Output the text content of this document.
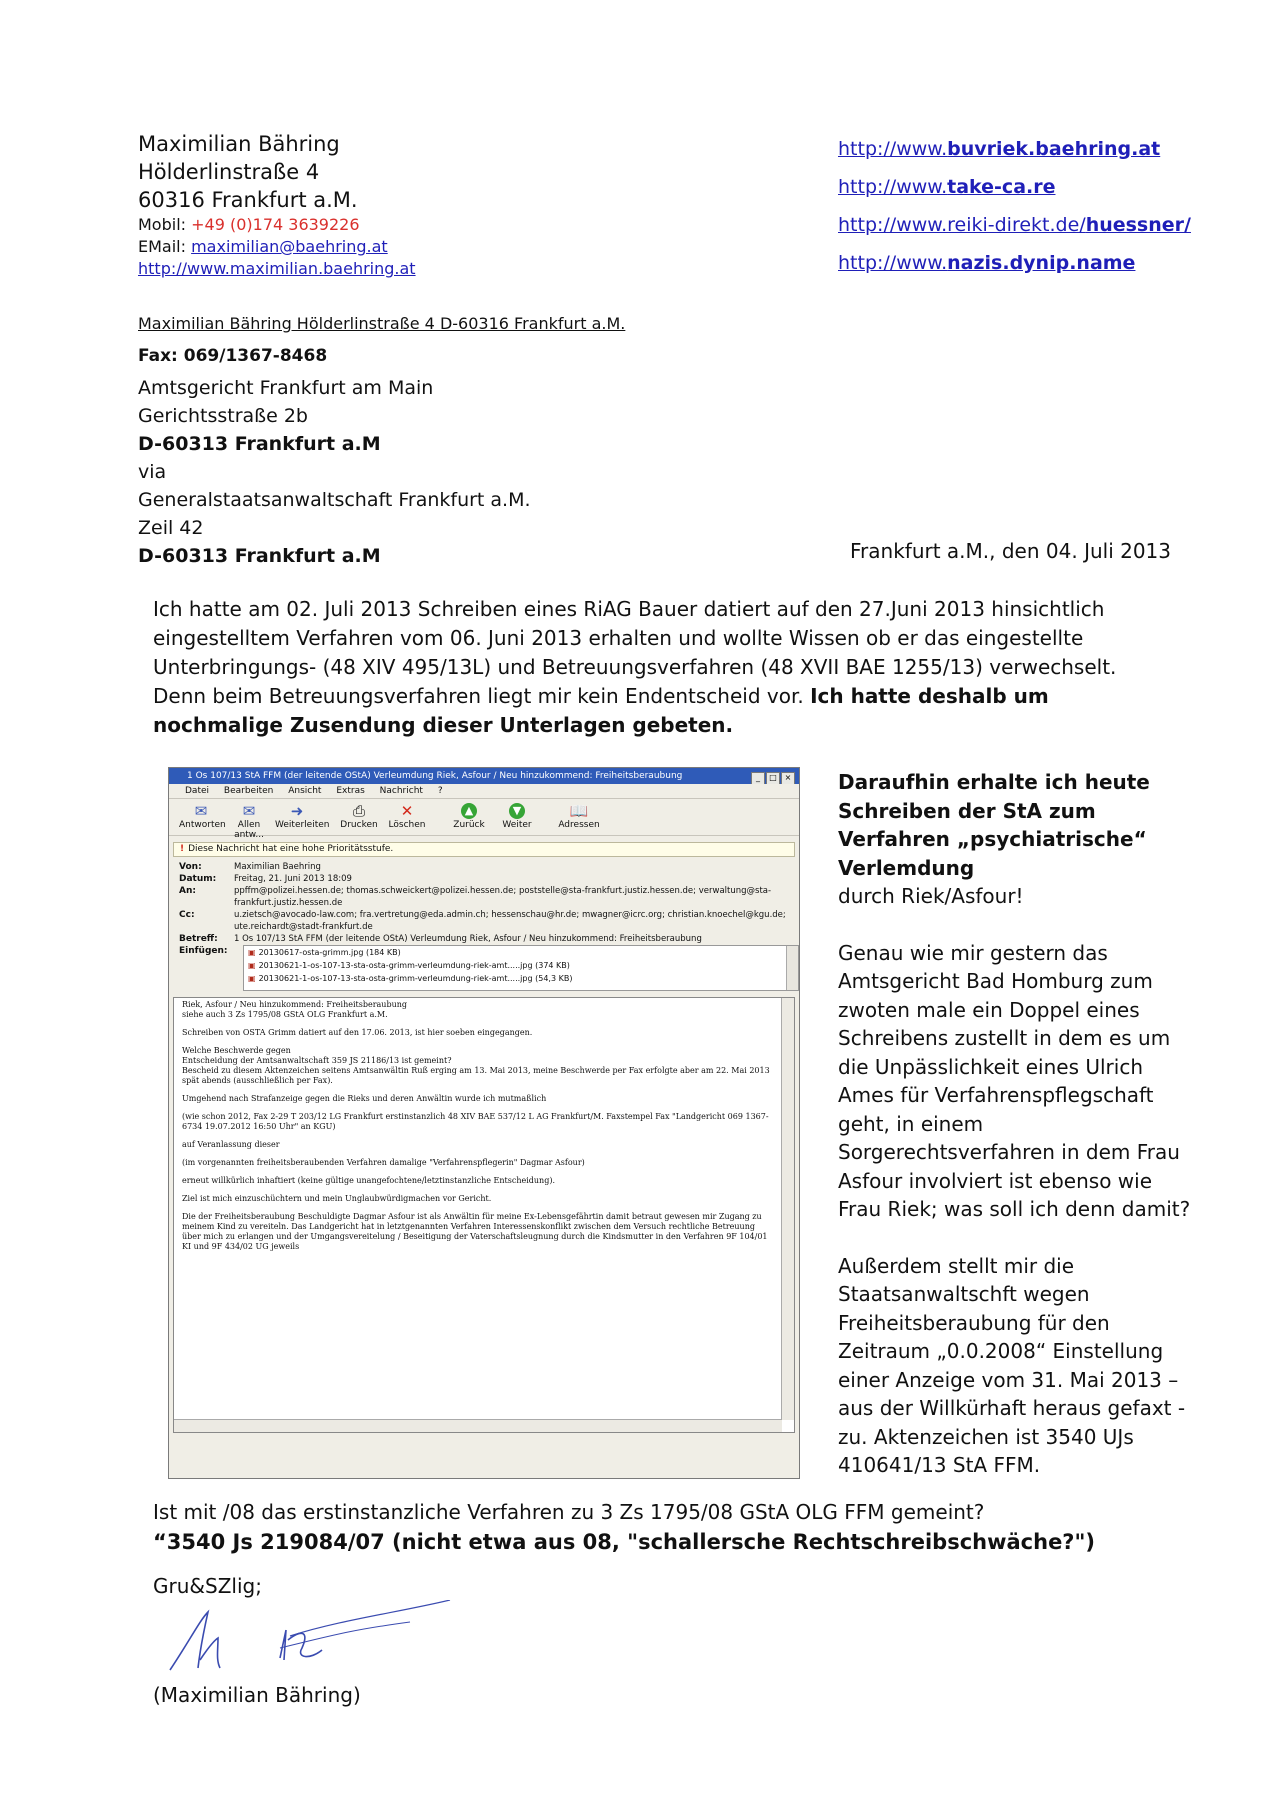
Maximilian Bähring
Hölderlinstraße 4
60316 Frankfurt a.M.
Mobil: +49 (0)174 3639226
EMail: maximilian@baehring.at
http://www.maximilian.baehring.at
http://www.buvriek.baehring.at
http://www.take-ca.re
http://www.reiki-direkt.de/huessner/
http://www.nazis.dynip.name
Maximilian Bähring Hölderlinstraße 4 D-60316 Frankfurt a.M.
Fax: 069/1367-8468
Amtsgericht Frankfurt am Main
Gerichtsstraße 2b
D-60313 Frankfurt a.M
via
Generalstaatsanwaltschaft Frankfurt a.M.
Zeil 42
D-60313 Frankfurt a.M	Frankfurt a.M., den 04. Juli 2013
Ich hatte am 02. Juli 2013 Schreiben eines RiAG Bauer datiert auf den 27.Juni 2013 hinsichtlich eingestelltem Verfahren vom 06. Juni 2013 erhalten und wollte Wissen ob er das eingestellte Unterbringungs- (48 XIV 495/13L) und Betreuungsverfahren (48 XVII BAE 1255/13) verwechselt. Denn beim Betreuungsverfahren liegt mir kein Endentscheid vor. Ich hatte deshalb um nochmalige Zusendung dieser Unterlagen gebeten.
1 Os 107/13 StA FFM (der leitende OStA) Verleumdung Riek, Asfour / Neu hinzukommend: Freiheitsberaubung	_ □ ×
Datei Bearbeiten Ansicht Extras Nachricht ?
✉
Antworten
✉
Allen antw...
➜
Weiterleiten
⎙
Drucken
✕
Löschen
▲
Zurück
▼
Weiter
📖
Adressen
! Diese Nachricht hat eine hohe Prioritätsstufe.
Von:	Maximilian Baehring
Datum:	Freitag, 21. Juni 2013 18:09
An:	ppffm@polizei.hessen.de; thomas.schweickert@polizei.hessen.de; poststelle@sta-frankfurt.justiz.hessen.de; verwaltung@sta-frankfurt.justiz.hessen.de
Cc:	u.zietsch@avocado-law.com; fra.vertretung@eda.admin.ch; hessenschau@hr.de; mwagner@icrc.org; christian.knoechel@kgu.de; ute.reichardt@stadt-frankfurt.de
Betreff:	1 Os 107/13 StA FFM (der leitende OStA) Verleumdung Riek, Asfour / Neu hinzukommend: Freiheitsberaubung
Einfügen:	▣ 20130617-osta-grimm.jpg (184 KB)
▣ 20130621-1-os-107-13-sta-osta-grimm-verleumdung-riek-amt.....jpg (374 KB)
▣ 20130621-1-os-107-13-sta-osta-grimm-verleumdung-riek-amt.....jpg (54,3 KB)

Riek, Asfour / Neu hinzukommend: Freiheitsberaubung
siehe auch 3 Zs 1795/08 GStA OLG Frankfurt a.M.

Schreiben von OSTA Grimm datiert auf den 17.06. 2013, ist hier soeben eingegangen.

Welche Beschwerde gegen
Entscheidung der Amtsanwaltschaft 359 JS 21186/13 ist gemeint?
Bescheid zu diesem Aktenzeichen seitens Amtsanwältin Ruß erging am 13. Mai 2013, meine Beschwerde per Fax erfolgte aber am 22. Mai 2013 spät abends (ausschließlich per Fax).

Umgehend nach Strafanzeige gegen die Rieks und deren Anwältin wurde ich mutmaßlich

(wie schon 2012, Fax 2-29 T 203/12 LG Frankfurt erstinstanzlich 48 XIV BAE 537/12 L AG Frankfurt/M. Faxstempel Fax "Landgericht 069 1367-6734 19.07.2012 16:50 Uhr" an KGU)

auf Veranlassung dieser

(im vorgenannten freiheitsberaubenden Verfahren damalige "Verfahrenspflegerin" Dagmar Asfour)

erneut willkürlich inhaftiert (keine gültige unangefochtene/letztinstanzliche Entscheidung).

Ziel ist mich einzuschüchtern und mein Unglaubwürdigmachen vor Gericht.

Die der Freiheitsberaubung Beschuldigte Dagmar Asfour ist als Anwältin für meine Ex-Lebensgefährtin damit betraut gewesen mir Zugang zu meinem Kind zu vereiteln. Das Landgericht hat in letztgenannten Verfahren Interessenskonflikt zwischen dem Versuch rechtliche Betreuung über mich zu erlangen und der Umgangsvereitelung / Beseitigung der Vaterschaftsleugnung durch die Kindsmutter in den Verfahren 9F 104/01 KI und 9F 434/02 UG jeweils

Daraufhin erhalte ich heute Schreiben der StA zum Verfahren „psychiatrische“ Verlemdung
durch Riek/Asfour!

Genau wie mir gestern das Amtsgericht Bad Homburg zum zwoten male ein Doppel eines Schreibens zustellt in dem es um die Unpässlichkeit eines Ulrich Ames für Verfahrenspflegschaft geht, in einem Sorgerechtsverfahren in dem Frau Asfour involviert ist ebenso wie Frau Riek; was soll ich denn damit?

Außerdem stellt mir die Staatsanwaltschft wegen Freiheitsberaubung für den Zeitraum „0.0.2008“ Einstellung einer Anzeige vom 31. Mai 2013 – aus der Willkürhaft heraus gefaxt - zu. Aktenzeichen ist 3540 UJs 410641/13 StA FFM.

Ist mit /08 das erstinstanzliche Verfahren zu 3 Zs 1795/08 GStA OLG FFM gemeint?
“3540 Js 219084/07 (nicht etwa aus 08, "schallersche Rechtschreibschwäche?")
Gru&SZlig;
(Maximilian Bähring)
